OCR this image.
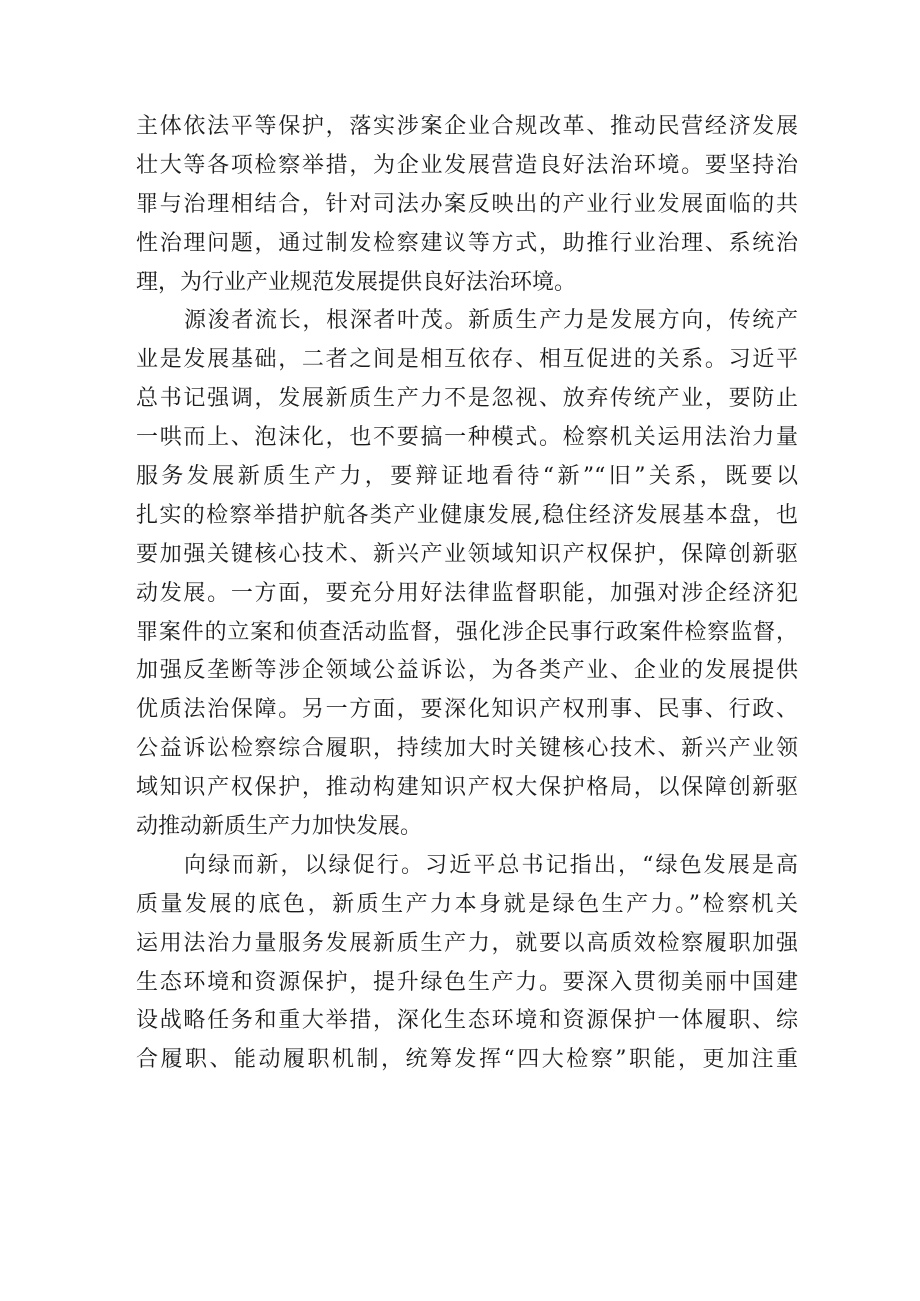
主体依法平等保护，落实涉案企业合规改革、推动民营经济发展
壮大等各项检察举措，为企业发展营造良好法治环境。要坚持治
罪与治理相结合，针对司法办案反映出的产业行业发展面临的共
性治理问题，通过制发检察建议等方式，助推行业治理、系统治
理，为行业产业规范发展提供良好法治环境。
源浚者流长，根深者叶茂。新质生产力是发展方向，传统产
业是发展基础，二者之间是相互依存、相互促进的关系。习近平
总书记强调，发展新质生产力不是忽视、放弃传统产业，要防止
一哄而上、泡沫化，也不要搞一种模式。检察机关运用法治力量
服务发展新质生产力，要辩证地看待“新”“旧”关系，既要以
扎实的检察举措护航各类产业健康发展,稳住经济发展基本盘，也
要加强关键核心技术、新兴产业领域知识产权保护，保障创新驱
动发展。一方面，要充分用好法律监督职能，加强对涉企经济犯
罪案件的立案和侦查活动监督，强化涉企民事行政案件检察监督，
加强反垄断等涉企领域公益诉讼，为各类产业、企业的发展提供
优质法治保障。另一方面，要深化知识产权刑事、民事、行政、
公益诉讼检察综合履职，持续加大时关键核心技术、新兴产业领
域知识产权保护，推动构建知识产权大保护格局，以保障创新驱
动推动新质生产力加快发展。
向绿而新，以绿促行。习近平总书记指出，“绿色发展是高
质量发展的底色，新质生产力本身就是绿色生产力。”检察机关
运用法治力量服务发展新质生产力，就要以高质效检察履职加强
生态环境和资源保护，提升绿色生产力。要深入贯彻美丽中国建
设战略任务和重大举措，深化生态环境和资源保护一体履职、综
合履职、能动履职机制，统筹发挥“四大检察”职能，更加注重
